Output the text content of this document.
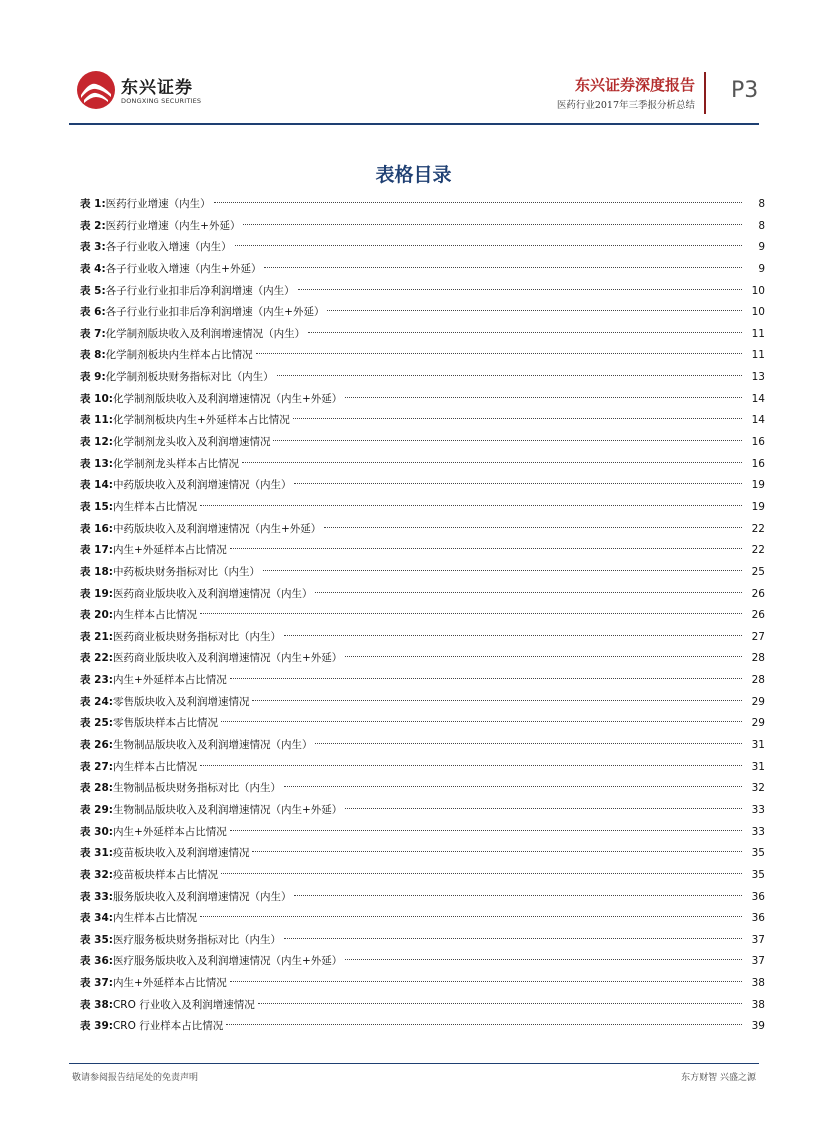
东兴证券
DONGXING SECURITIES
东兴证券深度报告
医药行业2017年三季报分析总结
P3
表格目录
表 1: 医药行业增速（内生）	8
表 2: 医药行业增速（内生+外延）	8
表 3: 各子行业收入增速（内生）	9
表 4: 各子行业收入增速（内生+外延）	9
表 5: 各子行业行业扣非后净利润增速（内生）	10
表 6: 各子行业行业扣非后净利润增速（内生+外延）	10
表 7: 化学制剂版块收入及利润增速情况（内生）	11
表 8: 化学制剂板块内生样本占比情况	11
表 9: 化学制剂板块财务指标对比（内生）	13
表 10: 化学制剂版块收入及利润增速情况（内生+外延）	14
表 11: 化学制剂板块内生+外延样本占比情况	14
表 12: 化学制剂龙头收入及利润增速情况	16
表 13: 化学制剂龙头样本占比情况	16
表 14: 中药版块收入及利润增速情况（内生）	19
表 15: 内生样本占比情况	19
表 16: 中药版块收入及利润增速情况（内生+外延）	22
表 17: 内生+外延样本占比情况	22
表 18: 中药板块财务指标对比（内生）	25
表 19: 医药商业版块收入及利润增速情况（内生）	26
表 20: 内生样本占比情况	26
表 21: 医药商业板块财务指标对比（内生）	27
表 22: 医药商业版块收入及利润增速情况（内生+外延）	28
表 23: 内生+外延样本占比情况	28
表 24: 零售版块收入及利润增速情况	29
表 25: 零售版块样本占比情况	29
表 26: 生物制品版块收入及利润增速情况（内生）	31
表 27: 内生样本占比情况	31
表 28: 生物制品板块财务指标对比（内生）	32
表 29: 生物制品版块收入及利润增速情况（内生+外延）	33
表 30: 内生+外延样本占比情况	33
表 31: 疫苗板块收入及利润增速情况	35
表 32: 疫苗板块样本占比情况	35
表 33: 服务版块收入及利润增速情况（内生）	36
表 34: 内生样本占比情况	36
表 35: 医疗服务板块财务指标对比（内生）	37
表 36: 医疗服务版块收入及利润增速情况（内生+外延）	37
表 37: 内生+外延样本占比情况	38
表 38: CRO 行业收入及利润增速情况	38
表 39: CRO 行业样本占比情况	39
敬请参阅报告结尾处的免责声明	东方财智 兴盛之源
